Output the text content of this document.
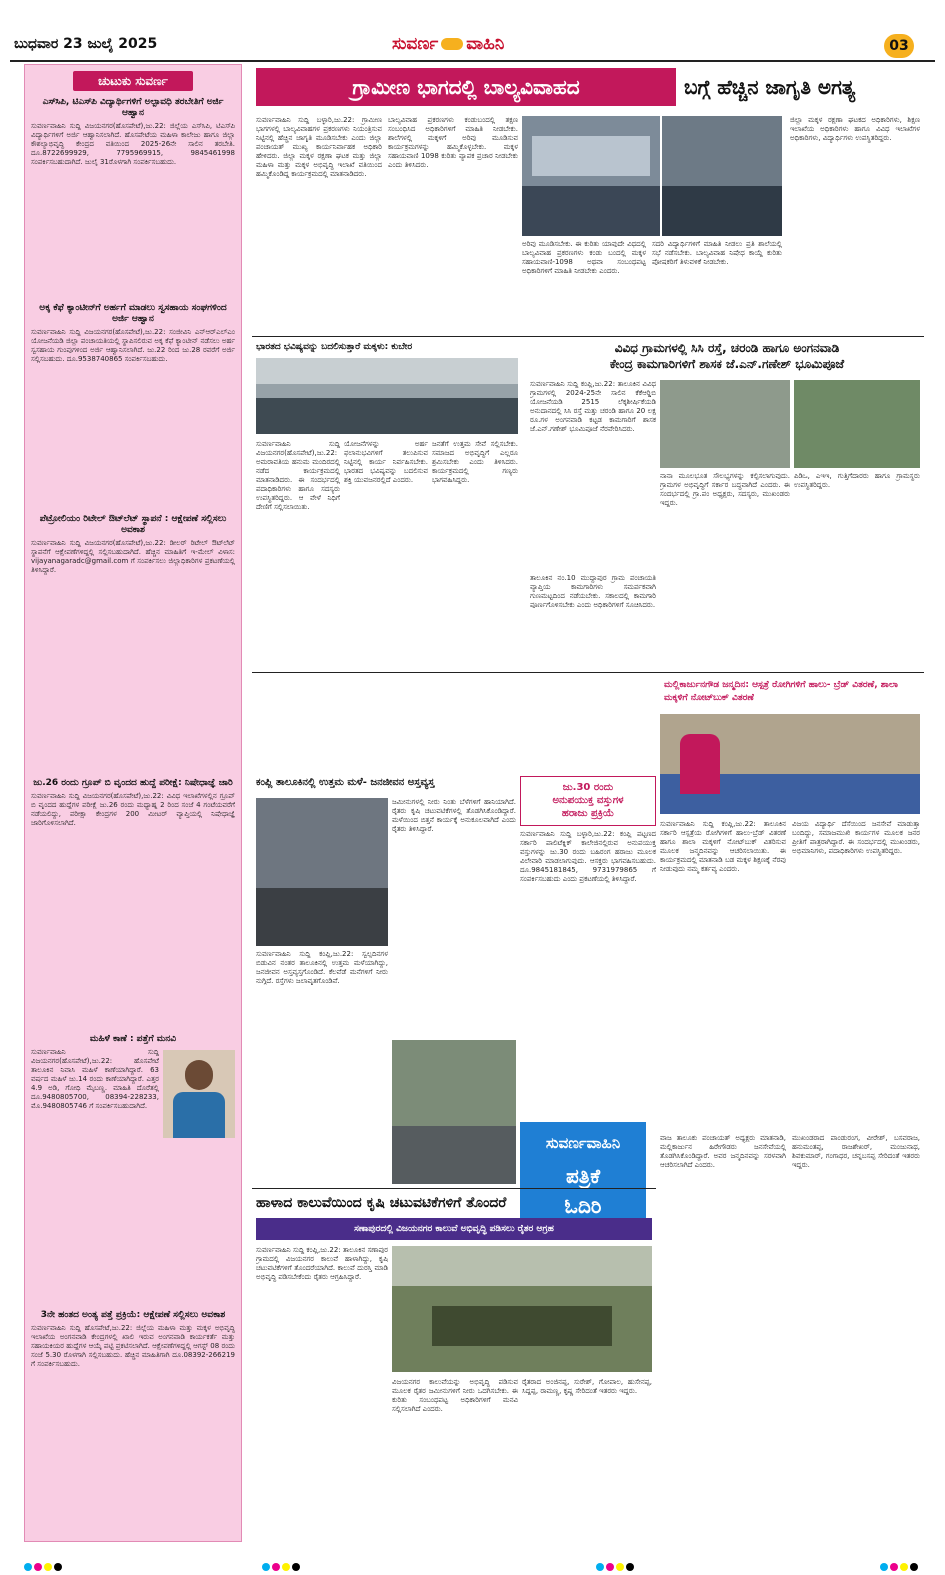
ಬುಧವಾರ 23 ಜುಲೈ 2025	ಸುವರ್ಣ ವಾಹಿನಿ	03
ಚುಟುಕು ಸುವರ್ಣ
ಎಸ್‍ಸಿಪಿ, ಟಿಎಸ್‍ಪಿ ವಿದ್ಯಾರ್ಥಿಗಳಿಗೆ ಅಲ್ಪಾವಧಿ ತರಬೇತಿಗೆ ಅರ್ಜಿ ಆಹ್ವಾನ

ಸುವರ್ಣವಾಹಿನಿ ಸುದ್ದಿ ವಿಜಯನಗರ(ಹೊಸಪೇಟೆ),ಜು.22: ಜಿಲ್ಲೆಯ ಎಸ್‍ಸಿಪಿ, ಟಿಎಸ್‍ಪಿ ವಿದ್ಯಾರ್ಥಿಗಳಿಗೆ ಅರ್ಜಿ ಆಹ್ವಾನಿಸಲಾಗಿದೆ. ಹೊಸಪೇಟೆಯ ಮಹಿಳಾ ಕಾಲೇಜು ಹಾಗೂ ಜಿಲ್ಲಾ ಕೌಶಲ್ಯಾಭಿವೃದ್ಧಿ ಕೇಂದ್ರದ ವತಿಯಿಂದ 2025-26ನೇ ಸಾಲಿನ ತರಬೇತಿ. ದೂ.8722699929, 7795969915, 9845461998 ಸಂಪರ್ಕಿಸಬಹುದಾಗಿದೆ. ಜುಲೈ 31ರೊಳಗಾಗಿ ಸಂಪರ್ಕಿಸಬಹುದು.

ಅಕ್ಕ ಕೆಫೆ ಕ್ಯಾಂಟೀನ್‍ಗೆ ಅರ್ಹಗೆ ಮಾಡಲು ಸ್ವಸಹಾಯ ಸಂಘಗಳಿಂದ ಅರ್ಜಿ ಆಹ್ವಾನ

ಸುವರ್ಣವಾಹಿನಿ ಸುದ್ದಿ ವಿಜಯನಗರ(ಹೊಸಪೇಟೆ),ಜು.22: ಸಂಜೀವಿನಿ ಎನ್‍ಆರ್‍ಎಲ್‍ಎಂ ಯೋಜನೆಯಡಿ ಜಿಲ್ಲಾ ಪಂಚಾಯತಿಯಲ್ಲಿ ಸ್ಥಾಪಿಸಲಿರುವ ಅಕ್ಕ ಕೆಫೆ ಕ್ಯಾಂಟೀನ್ ನಡೆಸಲು ಅರ್ಹ ಸ್ವಸಹಾಯ ಗುಂಪುಗಳಿಂದ ಅರ್ಜಿ ಆಹ್ವಾನಿಸಲಾಗಿದೆ. ಜು.22 ರಿಂದ ಜು.28 ರವರೆಗೆ ಅರ್ಜಿ ಸಲ್ಲಿಸಬಹುದು. ದೂ.9538740865 ಸಂಪರ್ಕಿಸಬಹುದು.

ಪೆಟ್ರೋಲಿಯಂ ರಿಟೇಲ್ ಔಟ್‍ಲೆಟ್ ಸ್ಥಾಪನೆ : ಆಕ್ಷೇಪಣೆ ಸಲ್ಲಿಸಲು ಅವಕಾಶ

ಸುವರ್ಣವಾಹಿನಿ ಸುದ್ದಿ ವಿಜಯನಗರ(ಹೊಸಪೇಟೆ),ಜು.22: ಡೀಲರ್ ರಿಟೇಲ್ ಔಟ್‍ಲೆಟ್ ಸ್ಥಾಪನೆಗೆ ಆಕ್ಷೇಪಣೆಗಳಿದ್ದಲ್ಲಿ ಸಲ್ಲಿಸಬಹುದಾಗಿದೆ. ಹೆಚ್ಚಿನ ಮಾಹಿತಿಗೆ ಇ-ಮೇಲ್ ವಿಳಾಸ: vijayanagaradc@gmail.com ಗೆ ಸಂಪರ್ಕಿಸಲು ಜಿಲ್ಲಾಧಿಕಾರಿಗಳ ಪ್ರಕಟಣೆಯಲ್ಲಿ ತಿಳಿಸಿದ್ದಾರೆ.

ಜು.26 ರಂದು ಗ್ರೂಪ್ ಬಿ ವೃಂದದ ಹುದ್ದೆ ಪರೀಕ್ಷೆ: ನಿಷೇಧಾಜ್ಞೆ ಜಾರಿ

ಸುವರ್ಣವಾಹಿನಿ ಸುದ್ದಿ ವಿಜಯನಗರ(ಹೊಸಪೇಟೆ),ಜು.22: ವಿವಿಧ ಇಲಾಖೆಗಳಲ್ಲಿನ ಗ್ರೂಪ್ ಬಿ ವೃಂದದ ಹುದ್ದೆಗಳ ಪರೀಕ್ಷೆ ಜು.26 ರಂದು ಮಧ್ಯಾಹ್ನ 2 ರಿಂದ ಸಂಜೆ 4 ಗಂಟೆಯವರೆಗೆ ನಡೆಯಲಿದ್ದು, ಪರೀಕ್ಷಾ ಕೇಂದ್ರಗಳ 200 ಮೀಟರ್ ವ್ಯಾಪ್ತಿಯಲ್ಲಿ ನಿಷೇಧಾಜ್ಞೆ ಜಾರಿಗೊಳಿಸಲಾಗಿದೆ.

ಮಹಿಳೆ ಕಾಣೆ : ಪತ್ತೆಗೆ ಮನವಿ

ಸುವರ್ಣವಾಹಿನಿ ಸುದ್ದಿ ವಿಜಯನಗರ(ಹೊಸಪೇಟೆ),ಜು.22: ಹೊಸಪೇಟೆ ತಾಲೂಕಿನ ನಿವಾಸಿ ಮಹಿಳೆ ಕಾಣೆಯಾಗಿದ್ದಾರೆ. 63 ವರ್ಷದ ಮಹಿಳೆ ಜು.14 ರಂದು ಕಾಣೆಯಾಗಿದ್ದಾರೆ. ಎತ್ತರ 4.9 ಅಡಿ, ಗೋಧಿ ಮೈಬಣ್ಣ. ಮಾಹಿತಿ ದೊರೆತಲ್ಲಿ ದೂ.9480805700, 08394-228233, ಮೊ.9480805746 ಗೆ ಸಂಪರ್ಕಿಸಬಹುದಾಗಿದೆ.

3ನೇ ಹಂತದ ಅಂತ್ಯ ಪತ್ತೆ ಪ್ರಕ್ರಿಯೆ: ಆಕ್ಷೇಪಣೆ ಸಲ್ಲಿಸಲು ಅವಕಾಶ

ಸುವರ್ಣವಾಹಿನಿ ಸುದ್ದಿ ಹೊಸಪೇಟೆ,ಜು.22: ಜಿಲ್ಲೆಯ ಮಹಿಳಾ ಮತ್ತು ಮಕ್ಕಳ ಅಭಿವೃದ್ಧಿ ಇಲಾಖೆಯ ಅಂಗನವಾಡಿ ಕೇಂದ್ರಗಳಲ್ಲಿ ಖಾಲಿ ಇರುವ ಅಂಗನವಾಡಿ ಕಾರ್ಯಕರ್ತೆ ಮತ್ತು ಸಹಾಯಕಿಯರ ಹುದ್ದೆಗಳ ಆಯ್ಕೆ ಪಟ್ಟಿ ಪ್ರಕಟಿಸಲಾಗಿದೆ. ಆಕ್ಷೇಪಣೆಗಳಿದ್ದಲ್ಲಿ ಆಗಸ್ಟ್ 08 ರಂದು ಸಂಜೆ 5.30 ರೊಳಗಾಗಿ ಸಲ್ಲಿಸಬಹುದು. ಹೆಚ್ಚಿನ ಮಾಹಿತಿಗಾಗಿ ದೂ.08392-266219 ಗೆ ಸಂಪರ್ಕಿಸಬಹುದು.

ಗ್ರಾಮೀಣ ಭಾಗದಲ್ಲಿ ಬಾಲ್ಯವಿವಾಹದ	ಬಗ್ಗೆ ಹೆಚ್ಚಿನ ಜಾಗೃತಿ ಅಗತ್ಯ
ಸುವರ್ಣವಾಹಿನಿ ಸುದ್ದಿ ಬಳ್ಳಾರಿ,ಜು.22: ಗ್ರಾಮೀಣ ಭಾಗಗಳಲ್ಲಿ ಬಾಲ್ಯವಿವಾಹಗಳ ಪ್ರಕರಣಗಳು ನಿಯಂತ್ರಿಸುವ ನಿಟ್ಟಿನಲ್ಲಿ ಹೆಚ್ಚಿನ ಜಾಗೃತಿ ಮೂಡಿಸಬೇಕು ಎಂದು ಜಿಲ್ಲಾ ಪಂಚಾಯತ್ ಮುಖ್ಯ ಕಾರ್ಯನಿರ್ವಾಹಕ ಅಧಿಕಾರಿ ಹೇಳಿದರು. ಜಿಲ್ಲಾ ಮಕ್ಕಳ ರಕ್ಷಣಾ ಘಟಕ ಮತ್ತು ಜಿಲ್ಲಾ ಮಹಿಳಾ ಮತ್ತು ಮಕ್ಕಳ ಅಭಿವೃದ್ಧಿ ಇಲಾಖೆ ವತಿಯಿಂದ ಹಮ್ಮಿಕೊಂಡಿದ್ದ ಕಾರ್ಯಕ್ರಮದಲ್ಲಿ ಮಾತನಾಡಿದರು.
ಬಾಲ್ಯವಿವಾಹ ಪ್ರಕರಣಗಳು ಕಂಡುಬಂದಲ್ಲಿ ತಕ್ಷಣ ಸಂಬಂಧಿಸಿದ ಅಧಿಕಾರಿಗಳಿಗೆ ಮಾಹಿತಿ ನೀಡಬೇಕು. ಶಾಲೆಗಳಲ್ಲಿ ಮಕ್ಕಳಿಗೆ ಅರಿವು ಮೂಡಿಸುವ ಕಾರ್ಯಕ್ರಮಗಳನ್ನು ಹಮ್ಮಿಕೊಳ್ಳಬೇಕು. ಮಕ್ಕಳ ಸಹಾಯವಾಣಿ 1098 ಕುರಿತು ವ್ಯಾಪಕ ಪ್ರಚಾರ ನೀಡಬೇಕು ಎಂದು ತಿಳಿಸಿದರು.
ಅರಿವು ಮೂಡಿಸಬೇಕು. ಈ ಕುರಿತು ಯಾವುದೇ ವಿಧದಲ್ಲಿ ಬಾಲ್ಯವಿವಾಹ ಪ್ರಕರಣಗಳು ಕಂಡು ಬಂದಲ್ಲಿ ಮಕ್ಕಳ ಸಹಾಯವಾಣಿ-1098 ಅಥವಾ ಸಂಬಂಧಪಟ್ಟ ಅಧಿಕಾರಿಗಳಿಗೆ ಮಾಹಿತಿ ನೀಡಬೇಕು ಎಂದರು.
ಸದರಿ ವಿದ್ಯಾರ್ಥಿಗಳಿಗೆ ಮಾಹಿತಿ ನೀಡಲು ಪ್ರತಿ ಶಾಲೆಯಲ್ಲಿ ಸಭೆ ನಡೆಸಬೇಕು. ಬಾಲ್ಯವಿವಾಹ ನಿಷೇಧ ಕಾಯ್ದೆ ಕುರಿತು ಪೋಷಕರಿಗೆ ತಿಳುವಳಿಕೆ ನೀಡಬೇಕು.
ಜಿಲ್ಲಾ ಮಕ್ಕಳ ರಕ್ಷಣಾ ಘಟಕದ ಅಧಿಕಾರಿಗಳು, ಶಿಕ್ಷಣ ಇಲಾಖೆಯ ಅಧಿಕಾರಿಗಳು ಹಾಗೂ ವಿವಿಧ ಇಲಾಖೆಗಳ ಅಧಿಕಾರಿಗಳು, ವಿದ್ಯಾರ್ಥಿಗಳು ಉಪಸ್ಥಿತರಿದ್ದರು.
ಭಾರತದ ಭವಿಷ್ಯವನ್ನು ಬದಲಿಸುತ್ತಾರೆ ಮಕ್ಕಳು: ಕುಬೇರ
ಸುವರ್ಣವಾಹಿನಿ ಸುದ್ದಿ ವಿಜಯನಗರ(ಹೊಸಪೇಟೆ),ಜು.22: ಅಮರಾವತಿಯ ಹನುಮ ಮಂದಿರದಲ್ಲಿ ನಡೆದ ಕಾರ್ಯಕ್ರಮದಲ್ಲಿ ಮಾತನಾಡಿದರು. ಈ ಸಂದರ್ಭದಲ್ಲಿ ಪದಾಧಿಕಾರಿಗಳು ಹಾಗೂ ಸದಸ್ಯರು ಉಪಸ್ಥಿತರಿದ್ದರು. ಆ ವೇಳೆ ನಿಧಿಗೆ ದೇಣಿಗೆ ಸಲ್ಲಿಸಲಾಯಿತು.
ಯೋಜನೆಗಳನ್ನು ಅರ್ಹ ಫಲಾನುಭವಿಗಳಿಗೆ ತಲುಪಿಸುವ ನಿಟ್ಟಿನಲ್ಲಿ ಕಾರ್ಯ ನಿರ್ವಹಿಸಬೇಕು. ಭಾರತದ ಭವಿಷ್ಯವನ್ನು ಬದಲಿಸುವ ಶಕ್ತಿ ಯುವಜನರಲ್ಲಿದೆ ಎಂದರು.
ಜನತೆಗೆ ಉತ್ತಮ ಸೇವೆ ಸಲ್ಲಿಸಬೇಕು. ಸಮಾಜದ ಅಭಿವೃದ್ಧಿಗೆ ಎಲ್ಲರೂ ಶ್ರಮಿಸಬೇಕು ಎಂದು ತಿಳಿಸಿದರು. ಕಾರ್ಯಕ್ರಮದಲ್ಲಿ ಗಣ್ಯರು ಭಾಗವಹಿಸಿದ್ದರು.
ವಿವಿಧ ಗ್ರಾಮಗಳಲ್ಲಿ ಸಿಸಿ ರಸ್ತೆ, ಚರಂಡಿ ಹಾಗೂ ಅಂಗನವಾಡಿ
ಕೇಂದ್ರ ಕಾಮಗಾರಿಗಳಿಗೆ ಶಾಸಕ ಜೆ.ಎನ್.ಗಣೇಶ್ ಭೂಮಿಪೂಜೆ
ಸುವರ್ಣವಾಹಿನಿ ಸುದ್ದಿ ಕಂಪ್ಲಿ,ಜು.22: ತಾಲೂಕಿನ ವಿವಿಧ ಗ್ರಾಮಗಳಲ್ಲಿ 2024-25ನೇ ಸಾಲಿನ ಕೆಕೆಆರ್‍ಡಿಬಿ ಯೋಜನೆಯಡಿ 2515 ಲೆಕ್ಕಶೀರ್ಷಿಕೆಯಡಿ ಅನುದಾನದಲ್ಲಿ ಸಿಸಿ ರಸ್ತೆ ಮತ್ತು ಚರಂಡಿ ಹಾಗೂ 20 ಲಕ್ಷ ರೂ.ಗಳ ಅಂಗನವಾಡಿ ಕಟ್ಟಡ ಕಾಮಗಾರಿಗೆ ಶಾಸಕ ಜೆ.ಎನ್.ಗಣೇಶ್ ಭೂಮಿಪೂಜೆ ನೆರವೇರಿಸಿದರು.
ತಾಲೂಕಿನ ನಂ.10 ಮುದ್ದಾಪುರ ಗ್ರಾಮ ಪಂಚಾಯತಿ ವ್ಯಾಪ್ತಿಯ ಕಾಮಗಾರಿಗಳು ಸಮರ್ಪಕವಾಗಿ ಗುಣಮಟ್ಟದಿಂದ ನಡೆಯಬೇಕು. ಸಕಾಲದಲ್ಲಿ ಕಾಮಗಾರಿ ಪೂರ್ಣಗೊಳಿಸಬೇಕು ಎಂದು ಅಧಿಕಾರಿಗಳಿಗೆ ಸೂಚಿಸಿದರು.
ನಾನಾ ಮೂಲಭೂತ ಸೌಲಭ್ಯಗಳನ್ನು ಕಲ್ಪಿಸಲಾಗುವುದು. ಗ್ರಾಮಗಳ ಅಭಿವೃದ್ಧಿಗೆ ಸರ್ಕಾರ ಬದ್ಧವಾಗಿದೆ ಎಂದರು. ಈ ಸಂದರ್ಭದಲ್ಲಿ ಗ್ರಾ.ಪಂ ಅಧ್ಯಕ್ಷರು, ಸದಸ್ಯರು, ಮುಖಂಡರು ಇದ್ದರು.
ಪಿಡಿಒ, ಎಇಇ, ಗುತ್ತಿಗೆದಾರರು ಹಾಗೂ ಗ್ರಾಮಸ್ಥರು ಉಪಸ್ಥಿತರಿದ್ದರು.
ಮಲ್ಲಿಕಾರ್ಜುನಗೌಡ ಜನ್ಮದಿನ: ಆಸ್ಪತ್ರೆ ರೋಗಿಗಳಿಗೆ ಹಾಲು- ಬ್ರೆಡ್ ವಿತರಣೆ, ಶಾಲಾ ಮಕ್ಕಳಿಗೆ ನೋಟ್‍ಬುಕ್ ವಿತರಣೆ
ಸುವರ್ಣವಾಹಿನಿ ಸುದ್ದಿ ಕಂಪ್ಲಿ,ಜು.22: ತಾಲೂಕಿನ ಸರ್ಕಾರಿ ಆಸ್ಪತ್ರೆಯ ರೋಗಿಗಳಿಗೆ ಹಾಲು-ಬ್ರೆಡ್ ವಿತರಣೆ ಹಾಗೂ ಶಾಲಾ ಮಕ್ಕಳಿಗೆ ನೋಟ್‍ಬುಕ್ ವಿತರಿಸುವ ಮೂಲಕ ಜನ್ಮದಿನವನ್ನು ಆಚರಿಸಲಾಯಿತು. ಈ ಕಾರ್ಯಕ್ರಮದಲ್ಲಿ ಮಾತನಾಡಿ ಬಡ ಮಕ್ಕಳ ಶಿಕ್ಷಣಕ್ಕೆ ನೆರವು ನೀಡುವುದು ನಮ್ಮ ಕರ್ತವ್ಯ ಎಂದರು.
ವಿಜಯ ವಿದ್ಯಾರ್ಥಿ ದೆಸೆಯಿಂದ ಜನಸೇವೆ ಮಾಡುತ್ತಾ ಬಂದಿದ್ದು, ಸಮಾಜಮುಖಿ ಕಾರ್ಯಗಳ ಮೂಲಕ ಜನರ ಪ್ರೀತಿಗೆ ಪಾತ್ರರಾಗಿದ್ದಾರೆ. ಈ ಸಂದರ್ಭದಲ್ಲಿ ಮುಖಂಡರು, ಅಭಿಮಾನಿಗಳು, ಪದಾಧಿಕಾರಿಗಳು ಉಪಸ್ಥಿತರಿದ್ದರು.
ಜು.30 ರಂದು
ಅನುಪಯುಕ್ತ ವಸ್ತುಗಳ
ಹರಾಜು ಪ್ರಕ್ರಿಯೆ
ಸುವರ್ಣವಾಹಿನಿ ಸುದ್ದಿ ಬಳ್ಳಾರಿ,ಜು.22: ಕಂಪ್ಲಿ ಪಟ್ಟಣದ ಸರ್ಕಾರಿ ಪಾಲಿಟೆಕ್ನಿಕ್ ಕಾಲೇಜಿನಲ್ಲಿರುವ ಅನುಪಯುಕ್ತ ವಸ್ತುಗಳನ್ನು ಜು.30 ರಂದು ಬಹಿರಂಗ ಹರಾಜು ಮೂಲಕ ವಿಲೇವಾರಿ ಮಾಡಲಾಗುವುದು. ಆಸಕ್ತರು ಭಾಗವಹಿಸಬಹುದು. ದೂ.9845181845, 9731979865 ಗೆ ಸಂಪರ್ಕಿಸಬಹುದು ಎಂದು ಪ್ರಕಟಣೆಯಲ್ಲಿ ತಿಳಿಸಿದ್ದಾರೆ.
ಸುವರ್ಣವಾಹಿನಿ
ಪತ್ರಿಕೆ
ಓದಿರಿ
ಕಂಪ್ಲಿ ತಾಲೂಕಿನಲ್ಲಿ ಉತ್ತಮ ಮಳೆ- ಜನಜೀವನ ಅಸ್ತವ್ಯಸ್ತ
ಸುವರ್ಣವಾಹಿನಿ ಸುದ್ದಿ ಕಂಪ್ಲಿ,ಜು.22: ಸ್ವಲ್ಪದಿನಗಳ ಬಿಡುವಿನ ನಂತರ ತಾಲೂಕಿನಲ್ಲಿ ಉತ್ತಮ ಮಳೆಯಾಗಿದ್ದು, ಜನಜೀವನ ಅಸ್ತವ್ಯಸ್ತಗೊಂಡಿದೆ. ಕೆಲವೆಡೆ ಮನೆಗಳಿಗೆ ನೀರು ನುಗ್ಗಿದೆ. ರಸ್ತೆಗಳು ಜಲಾವೃತಗೊಂಡಿವೆ.
ಜಮೀನುಗಳಲ್ಲಿ ನೀರು ನಿಂತು ಬೆಳೆಗಳಿಗೆ ಹಾನಿಯಾಗಿದೆ. ರೈತರು ಕೃಷಿ ಚಟುವಟಿಕೆಗಳಲ್ಲಿ ತೊಡಗಿಸಿಕೊಂಡಿದ್ದಾರೆ. ಮಳೆಯಿಂದ ಬಿತ್ತನೆ ಕಾರ್ಯಕ್ಕೆ ಅನುಕೂಲವಾಗಿದೆ ಎಂದು ರೈತರು ತಿಳಿಸಿದ್ದಾರೆ.
ಹಾಳಾದ ಕಾಲುವೆಯಿಂದ ಕೃಷಿ ಚಟುವಟಿಕೆಗಳಿಗೆ ತೊಂದರೆ
ಸಣಾಪುರದಲ್ಲಿ ವಿಜಯನಗರ ಕಾಲುವೆ ಅಭಿವೃದ್ಧಿ ಪಡಿಸಲು ರೈತರ ಆಗ್ರಹ
ಸುವರ್ಣವಾಹಿನಿ ಸುದ್ದಿ ಕಂಪ್ಲಿ,ಜು.22: ತಾಲೂಕಿನ ಸಣಾಪುರ ಗ್ರಾಮದಲ್ಲಿ ವಿಜಯನಗರ ಕಾಲುವೆ ಹಾಳಾಗಿದ್ದು, ಕೃಷಿ ಚಟುವಟಿಕೆಗಳಿಗೆ ತೊಂದರೆಯಾಗಿದೆ. ಕಾಲುವೆ ದುರಸ್ತಿ ಮಾಡಿ ಅಭಿವೃದ್ಧಿ ಪಡಿಸಬೇಕೆಂದು ರೈತರು ಆಗ್ರಹಿಸಿದ್ದಾರೆ.
ವಿಜಯನಗರ ಕಾಲುವೆಯನ್ನು ಅಭಿವೃದ್ಧಿ ಪಡಿಸುವ ಮೂಲಕ ರೈತರ ಜಮೀನುಗಳಿಗೆ ನೀರು ಒದಗಿಸಬೇಕು. ಈ ಕುರಿತು ಸಂಬಂಧಪಟ್ಟ ಅಧಿಕಾರಿಗಳಿಗೆ ಮನವಿ ಸಲ್ಲಿಸಲಾಗಿದೆ ಎಂದರು.
ರೈತರಾದ ಅಂಜಿನಪ್ಪ, ಸುರೇಶ್, ಗೋಪಾಲ, ಹುಸೇನಪ್ಪ, ಸಿದ್ದಪ್ಪ, ರಾಮಣ್ಣ, ಕೃಷ್ಣ ಸೇರಿದಂತೆ ಇತರರು ಇದ್ದರು.
ವಾಜ ತಾಲೂಕು ಪಂಚಾಯತ್ ಅಧ್ಯಕ್ಷರು ಮಾತನಾಡಿ, ಮಲ್ಲಿಕಾರ್ಜುನ ಹಿರೇಗೌಡರು ಜನಸೇವೆಯಲ್ಲಿ ತೊಡಗಿಸಿಕೊಂಡಿದ್ದಾರೆ. ಅವರ ಜನ್ಮದಿನವನ್ನು ಸರಳವಾಗಿ ಆಚರಿಸಲಾಗಿದೆ ಎಂದರು.
ಮುಖಂಡರಾದ ಪಾಂಡುರಂಗ, ವೀರೇಶ್, ಬಸವರಾಜ, ಹನುಮಂತಪ್ಪ, ರಾಜಶೇಖರ್, ಮಂಜುನಾಥ, ಶಿವಕುಮಾರ್, ಗಂಗಾಧರ, ಚನ್ನಬಸಪ್ಪ ಸೇರಿದಂತೆ ಇತರರು ಇದ್ದರು.
